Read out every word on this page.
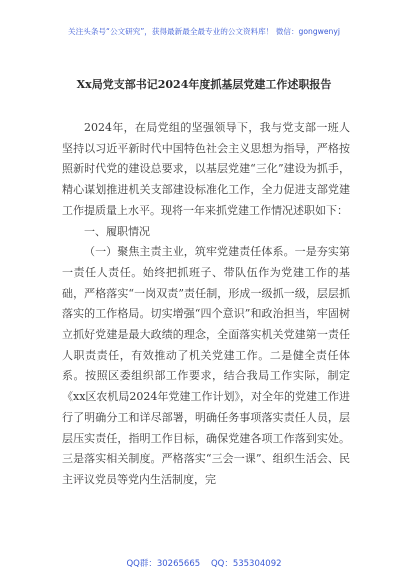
关注头条号“公文研究”，获得最新最全最专业的公文资料库！ 微信：gongwenyj
Xx局党支部书记2024年度抓基层党建工作述职报告

2024年，在局党组的坚强领导下，我与党支部一班人坚持以习近平新时代中国特色社会主义思想为指导，严格按照新时代党的建设总要求，以基层党建“三化”建设为抓手，精心谋划推进机关支部建设标准化工作，全力促进支部党建工作提质量上水平。现将一年来抓党建工作情况述职如下：

一、履职情况

（一）聚焦主责主业，筑牢党建责任体系。一是夯实第一责任人责任。始终把抓班子、带队伍作为党建工作的基础，严格落实“一岗双责”责任制，形成一级抓一级，层层抓落实的工作格局。切实增强“四个意识”和政治担当，牢固树立抓好党建是最大政绩的理念，全面落实机关党建第一责任人职责责任，有效推动了机关党建工作。二是健全责任体系。按照区委组织部工作要求，结合我局工作实际，制定《xx区农机局2024年党建工作计划》，对全年的党建工作进行了明确分工和详尽部署，明确任务事项落实责任人员，层层压实责任，指明工作目标，确保党建各项工作落到实处。三是落实相关制度。严格落实“三会一课”、组织生活会、民主评议党员等党内生活制度，完

QQ群：30265665 QQ：535304092
